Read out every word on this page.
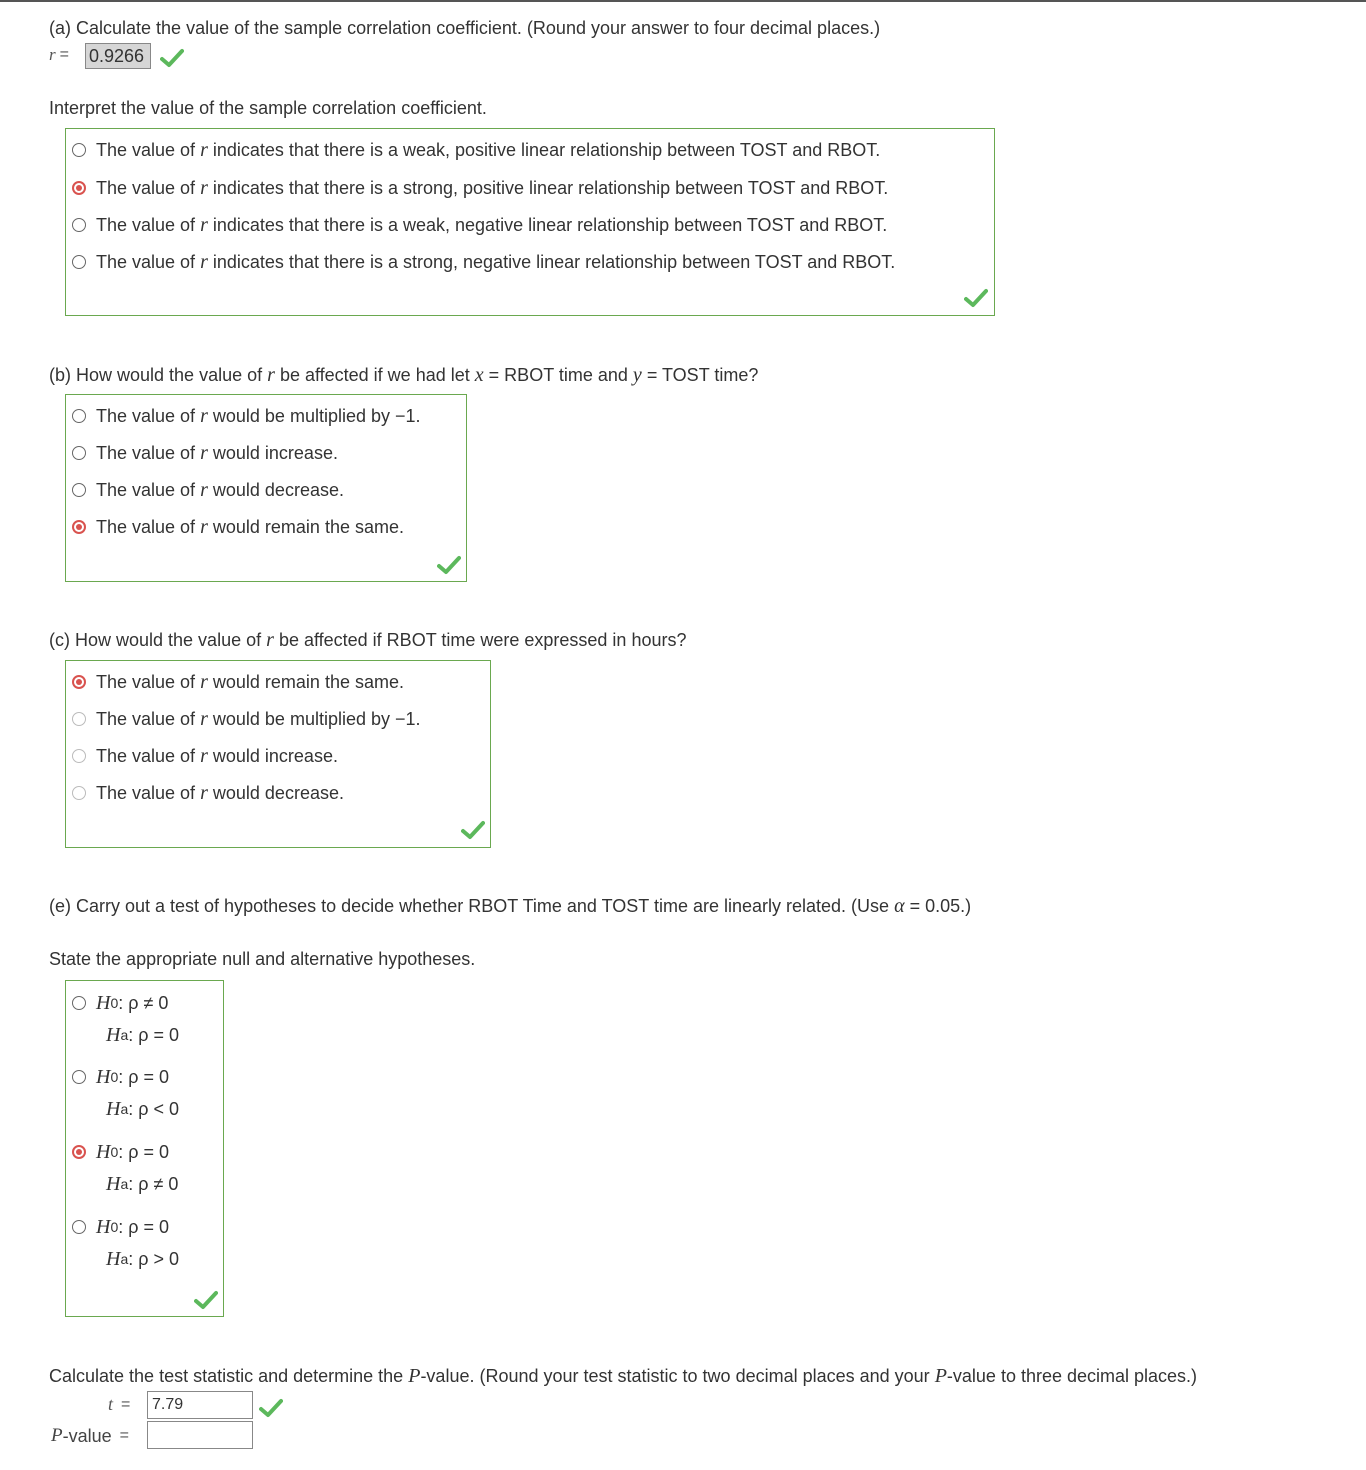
(a) Calculate the value of the sample correlation coefficient. (Round your answer to four decimal places.)
r = 0.9266
Interpret the value of the sample correlation coefficient.
The value of
r
indicates that there is a weak, positive linear relationship between TOST and RBOT.
The value of
r
indicates that there is a strong, positive linear relationship between TOST and RBOT.
The value of
r
indicates that there is a weak, negative linear relationship between TOST and RBOT.
The value of
r
indicates that there is a strong, negative linear relationship between TOST and RBOT.
(b) How would the value of r be affected if we had let x = RBOT time and y = TOST time?
The value of
r
would be multiplied by −1.
The value of
r
would increase.
The value of
r
would decrease.
The value of
r
would remain the same.
(c) How would the value of r be affected if RBOT time were expressed in hours?
The value of
r
would remain the same.
The value of
r
would be multiplied by −1.
The value of
r
would increase.
The value of
r
would decrease.
(e) Carry out a test of hypotheses to decide whether RBOT Time and TOST time are linearly related. (Use α = 0.05.)
State the appropriate null and alternative hypotheses.
H 0 : ρ ≠ 0
H a : ρ = 0
H 0 : ρ = 0
H a : ρ < 0
H 0 : ρ = 0
H a : ρ ≠ 0
H 0 : ρ = 0
H a : ρ > 0
Calculate the test statistic and determine the P-value. (Round your test statistic to two decimal places and your P-value to three decimal places.)
t =
7.79
P -value =
